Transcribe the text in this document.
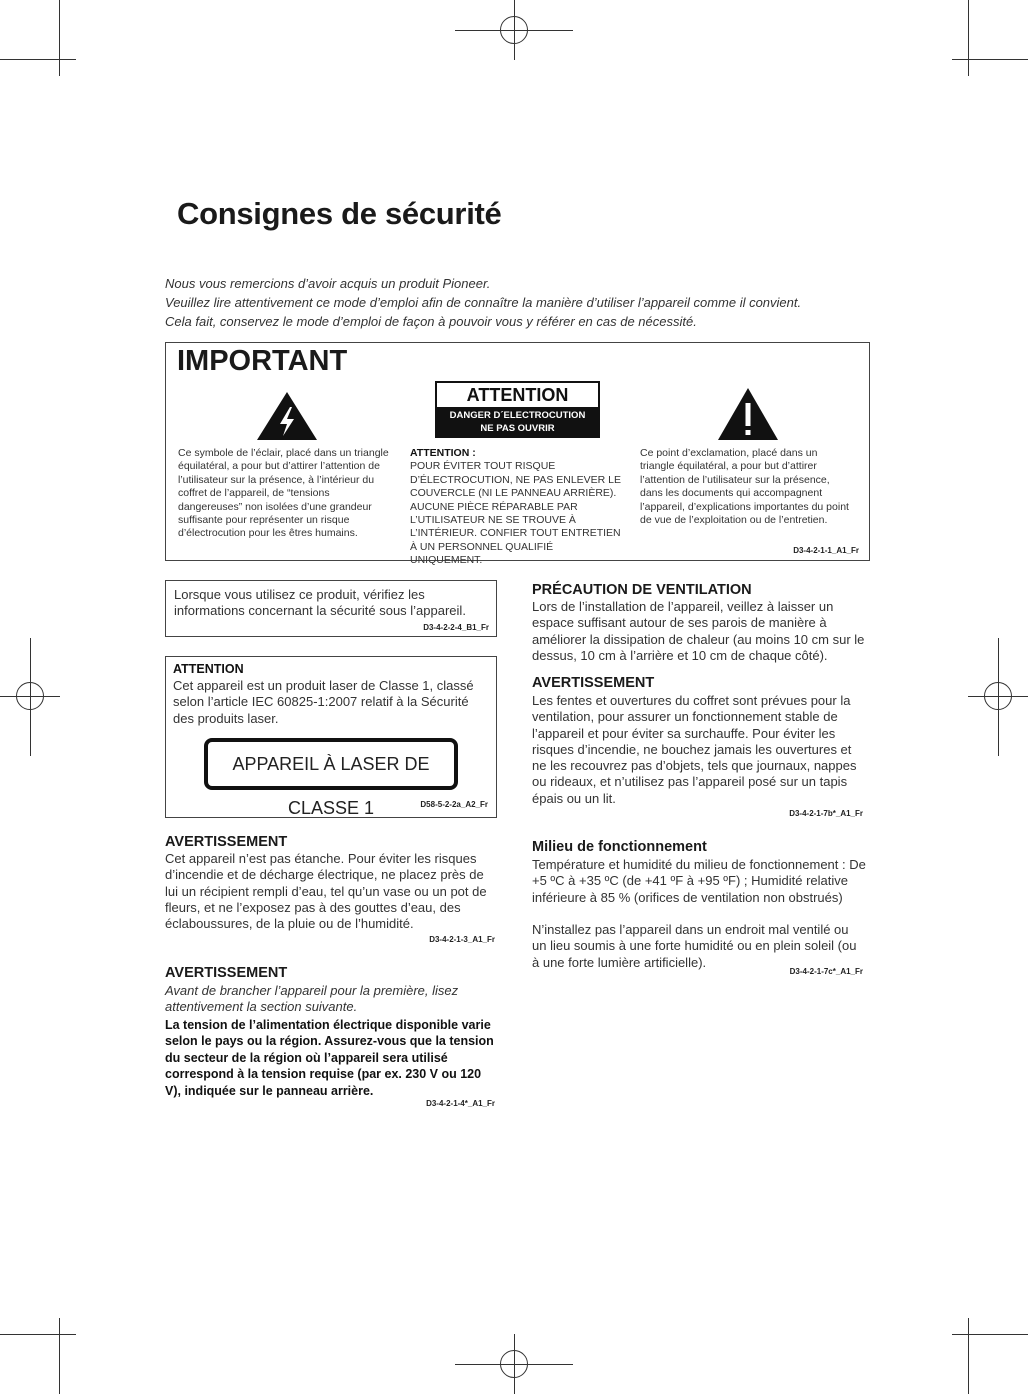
Consignes de sécurité
Nous vous remercions d’avoir acquis un produit Pioneer.
Veuillez lire attentivement ce mode d’emploi afin de connaître la manière d’utiliser l’appareil comme il convient.
Cela fait, conservez le mode d’emploi de façon à pouvoir vous y référer en cas de nécessité.
IMPORTANT
Ce symbole de l’éclair, placé dans un triangle équilatéral, a pour but d’attirer l’attention de l’utilisateur sur la présence, à l’intérieur du coffret de l’appareil, de “tensions dangereuses” non isolées d’une grandeur suffisante pour représenter un risque d’électrocution pour les êtres humains.
ATTENTION
DANGER D´ELECTROCUTION
NE PAS OUVRIR
ATTENTION :
POUR ÉVITER TOUT RISQUE D’ÉLECTROCUTION, NE PAS ENLEVER LE COUVERCLE (NI LE PANNEAU ARRIÈRE). AUCUNE PIÈCE RÉPARABLE PAR L’UTILISATEUR NE SE TROUVE À L’INTÉRIEUR. CONFIER TOUT ENTRETIEN À UN PERSONNEL QUALIFIÉ UNIQUEMENT.
Ce point d’exclamation, placé dans un triangle équilatéral, a pour but d’attirer l’attention de l’utilisateur sur la présence, dans les documents qui accompagnent l’appareil, d’explications importantes du point de vue de l’exploitation ou de l’entretien.
D3-4-2-1-1_A1_Fr
Lorsque vous utilisez ce produit, vérifiez les informations concernant la sécurité sous l’appareil.
D3-4-2-2-4_B1_Fr
ATTENTION
Cet appareil est un produit laser de Classe 1, classé selon l’article IEC 60825-1:2007 relatif à la Sécurité des produits laser.
APPAREIL À LASER DE CLASSE 1	D58-5-2-2a_A2_Fr
AVERTISSEMENT
Cet appareil n’est pas étanche. Pour éviter les risques d’incendie et de décharge électrique, ne placez près de lui un récipient rempli d’eau, tel qu’un vase ou un pot de fleurs, et ne l’exposez pas à des gouttes d’eau, des éclaboussures, de la pluie ou de l’humidité.
D3-4-2-1-3_A1_Fr
AVERTISSEMENT
Avant de brancher l’appareil pour la première, lisez attentivement la section suivante.
La tension de l’alimentation électrique disponible varie selon le pays ou la région. Assurez-vous que la tension du secteur de la région où l’appareil sera utilisé correspond à la tension requise (par ex. 230 V ou 120 V), indiquée sur le panneau arrière.
D3-4-2-1-4*_A1_Fr
PRÉCAUTION DE VENTILATION
Lors de l’installation de l’appareil, veillez à laisser un espace suffisant autour de ses parois de manière à améliorer la dissipation de chaleur (au moins 10 cm sur le dessus, 10 cm à l’arrière et 10 cm de chaque côté).
AVERTISSEMENT
Les fentes et ouvertures du coffret sont prévues pour la ventilation, pour assurer un fonctionnement stable de l’appareil et pour éviter sa surchauffe. Pour éviter les risques d’incendie, ne bouchez jamais les ouvertures et ne les recouvrez pas d’objets, tels que journaux, nappes ou rideaux, et n’utilisez pas l’appareil posé sur un tapis épais ou un lit.
D3-4-2-1-7b*_A1_Fr
Milieu de fonctionnement
Température et humidité du milieu de fonctionnement : De +5 ºC à +35 ºC (de +41 ºF à +95 ºF) ; Humidité relative inférieure à 85 % (orifices de ventilation non obstrués)
N’installez pas l’appareil dans un endroit mal ventilé ou un lieu soumis à une forte humidité ou en plein soleil (ou à une forte lumière artificielle).
D3-4-2-1-7c*_A1_Fr
